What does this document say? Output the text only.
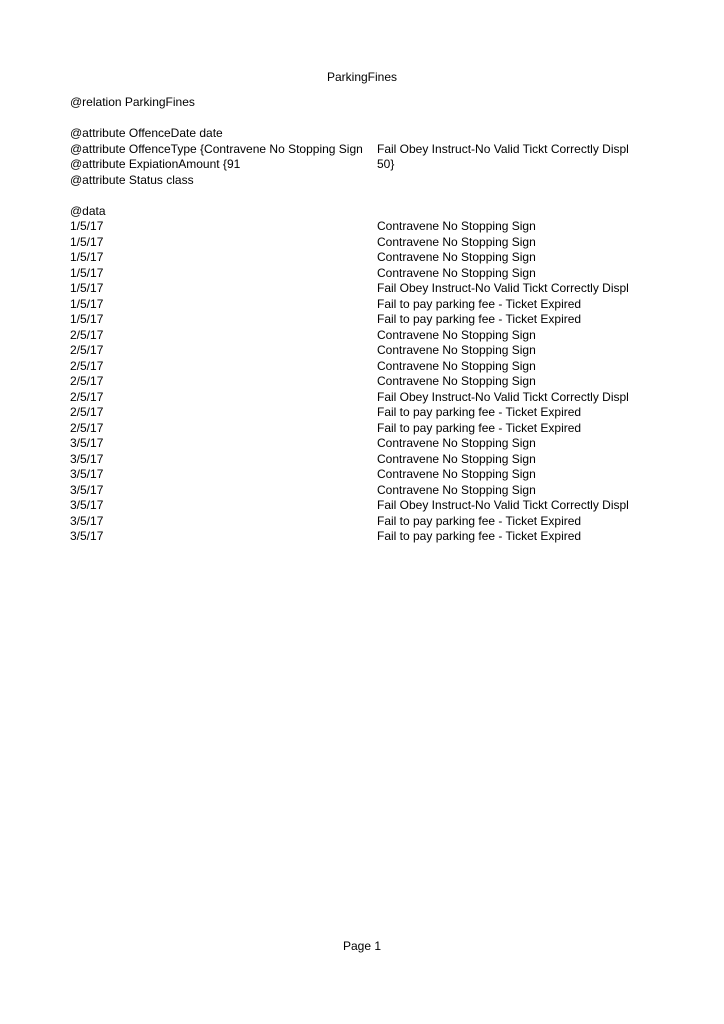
ParkingFines
@relation ParkingFines
@attribute OffenceDate date
@attribute OffenceType {Contravene No Stopping Sign	Fail Obey Instruct-No Valid Tickt Correctly Displ
@attribute ExpiationAmount {91	50}
@attribute Status class
@data
1/5/17	Contravene No Stopping Sign
1/5/17	Contravene No Stopping Sign
1/5/17	Contravene No Stopping Sign
1/5/17	Contravene No Stopping Sign
1/5/17	Fail Obey Instruct-No Valid Tickt Correctly Displ
1/5/17	Fail to pay parking fee - Ticket Expired
1/5/17	Fail to pay parking fee - Ticket Expired
2/5/17	Contravene No Stopping Sign
2/5/17	Contravene No Stopping Sign
2/5/17	Contravene No Stopping Sign
2/5/17	Contravene No Stopping Sign
2/5/17	Fail Obey Instruct-No Valid Tickt Correctly Displ
2/5/17	Fail to pay parking fee - Ticket Expired
2/5/17	Fail to pay parking fee - Ticket Expired
3/5/17	Contravene No Stopping Sign
3/5/17	Contravene No Stopping Sign
3/5/17	Contravene No Stopping Sign
3/5/17	Contravene No Stopping Sign
3/5/17	Fail Obey Instruct-No Valid Tickt Correctly Displ
3/5/17	Fail to pay parking fee - Ticket Expired
3/5/17	Fail to pay parking fee - Ticket Expired
Page 1
